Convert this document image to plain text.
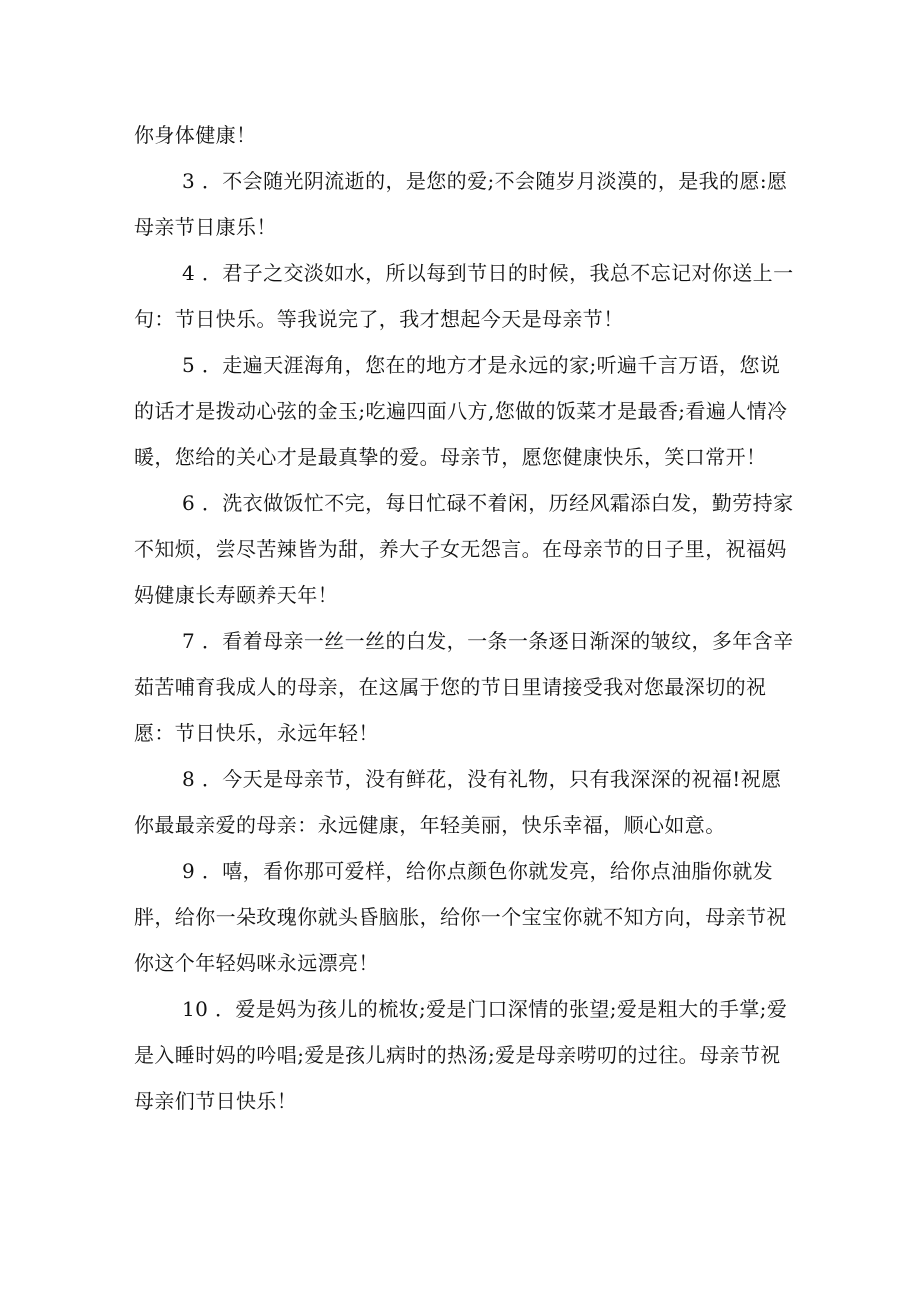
你身体健康！

3 ．不会随光阴流逝的，是您的爱;不会随岁月淡漠的，是我的愿:愿母亲节日康乐！

4 ．君子之交淡如水，所以每到节日的时候，我总不忘记对你送上一句：节日快乐。等我说完了，我才想起今天是母亲节！

5 ．走遍天涯海角，您在的地方才是永远的家;听遍千言万语，您说的话才是拨动心弦的金玉;吃遍四面八方,您做的饭菜才是最香;看遍人情冷暖，您给的关心才是最真挚的爱。母亲节，愿您健康快乐，笑口常开！

6 ．洗衣做饭忙不完，每日忙碌不着闲，历经风霜添白发，勤劳持家不知烦，尝尽苦辣皆为甜，养大子女无怨言。在母亲节的日子里，祝福妈妈健康长寿颐养天年！

7 ．看着母亲一丝一丝的白发，一条一条逐日渐深的皱纹，多年含辛茹苦哺育我成人的母亲，在这属于您的节日里请接受我对您最深切的祝愿：节日快乐，永远年轻！

8 ．今天是母亲节，没有鲜花，没有礼物，只有我深深的祝福!祝愿你最最亲爱的母亲：永远健康，年轻美丽，快乐幸福，顺心如意。

9 ．嘻，看你那可爱样，给你点颜色你就发亮，给你点油脂你就发胖，给你一朵玫瑰你就头昏脑胀，给你一个宝宝你就不知方向，母亲节祝你这个年轻妈咪永远漂亮！

10 ．爱是妈为孩儿的梳妆;爱是门口深情的张望;爱是粗大的手掌;爱是入睡时妈的吟唱;爱是孩儿病时的热汤;爱是母亲唠叨的过往。母亲节祝母亲们节日快乐！
